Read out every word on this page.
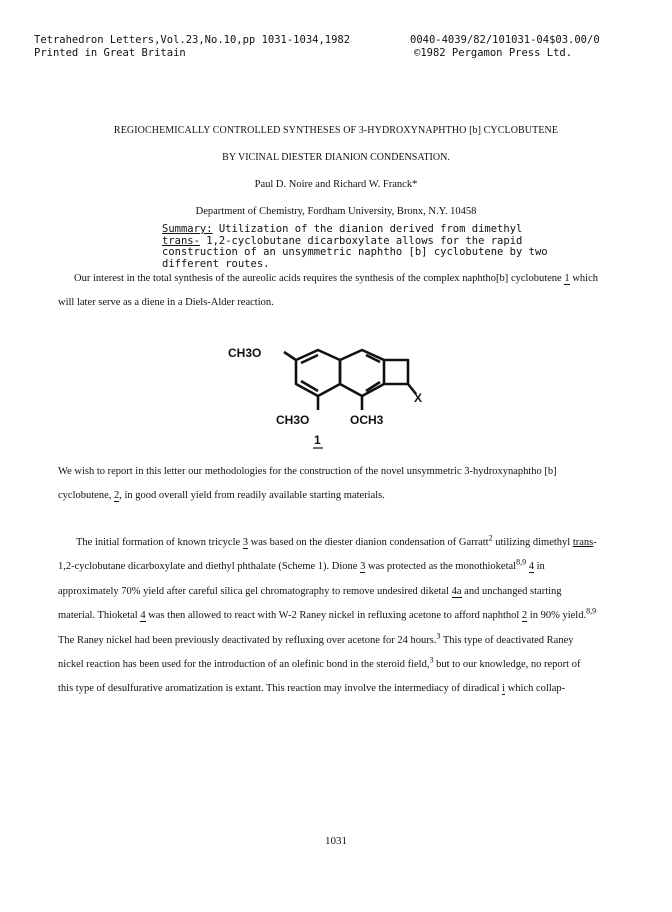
Tetrahedron Letters,Vol.23,No.10,pp 1031-1034,1982
Printed in Great Britain
0040-4039/82/101031-04$03.00/0
©1982 Pergamon Press Ltd.
REGIOCHEMICALLY CONTROLLED SYNTHESES OF 3-HYDROXYNAPHTHO [b] CYCLOBUTENE
BY VICINAL DIESTER DIANION CONDENSATION.
Paul D. Noire and Richard W. Franck*
Department of Chemistry, Fordham University, Bronx, N.Y. 10458
Summary: Utilization of the dianion derived from dimethyl trans- 1,2-cyclobutane dicarboxylate allows for the rapid construction of an unsymmetric naphtho [b] cyclobutene by two different routes.
Our interest in the total synthesis of the aureolic acids requires the synthesis of the complex naphtho[b] cyclobutene 1 which will later serve as a diene in a Diels-Alder reaction.
CH3O
X
CH3O	OCH3
1
We wish to report in this letter our methodologies for the construction of the novel unsymmetric 3-hydroxynaphtho [b] cyclobutene, 2, in good overall yield from readily available starting materials.
The initial formation of known tricycle 3 was based on the diester dianion condensation of Garratt$^2$ utilizing dimethyl trans-1,2-cyclobutane dicarboxylate and diethyl phthalate (Scheme 1). Dione 3 was protected as the monothioketal$^{8,9}$ 4 in approximately 70% yield after careful silica gel chromatography to remove undesired diketal 4a and unchanged starting material. Thioketal 4 was then allowed to react with W-2 Raney nickel in refluxing acetone to afford naphthol 2 in 90% yield.$^{8,9}$ The Raney nickel had been previously deactivated by refluxing over acetone for 24 hours.$^3$ This type of deactivated Raney nickel reaction has been used for the introduction of an olefinic bond in the steroid field,$^3$ but to our knowledge, no report of this type of desulfurative aromatization is extant. This reaction may involve the intermediacy of diradical i which collap-
1031
